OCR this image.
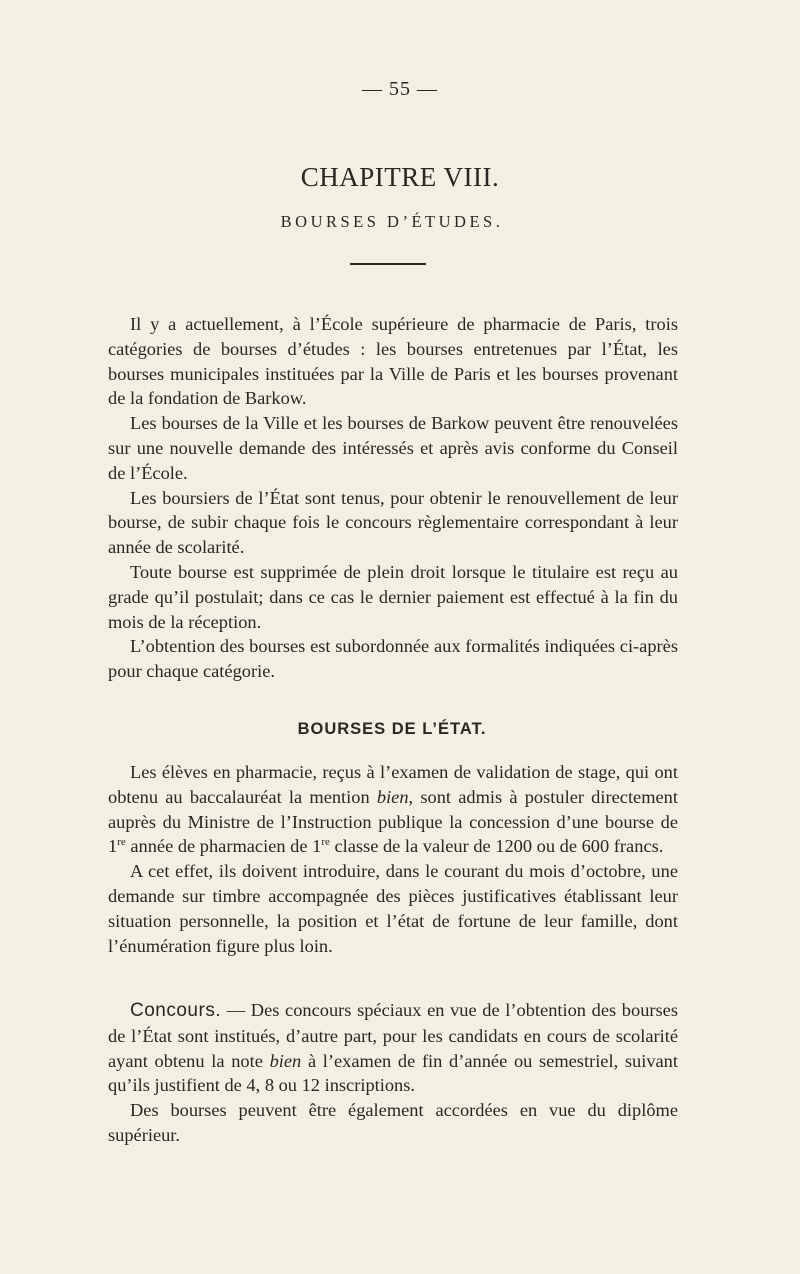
— 55 —
CHAPITRE VIII.
BOURSES D’ÉTUDES.

Il y a actuellement, à l’École supérieure de pharmacie de Paris, trois catégories de bourses d’études : les bourses entretenues par l’État, les bourses municipales instituées par la Ville de Paris et les bourses provenant de la fondation de Barkow.

Les bourses de la Ville et les bourses de Barkow peuvent être renouvelées sur une nouvelle demande des intéressés et après avis conforme du Conseil de l’École.

Les boursiers de l’État sont tenus, pour obtenir le renouvellement de leur bourse, de subir chaque fois le concours règlementaire correspondant à leur année de scolarité.

Toute bourse est supprimée de plein droit lorsque le titulaire est reçu au grade qu’il postulait; dans ce cas le dernier paiement est effectué à la fin du mois de la réception.

L’obtention des bourses est subordonnée aux formalités indiquées ci-après pour chaque catégorie.

BOURSES DE L’ÉTAT.

Les élèves en pharmacie, reçus à l’examen de validation de stage, qui ont obtenu au baccalauréat la mention bien, sont admis à postuler directement auprès du Ministre de l’Instruction publique la concession d’une bourse de 1re année de pharmacien de 1re classe de la valeur de 1200 ou de 600 francs.

A cet effet, ils doivent introduire, dans le courant du mois d’octobre, une demande sur timbre accompagnée des pièces justificatives établissant leur situation personnelle, la position et l’état de fortune de leur famille, dont l’énumération figure plus loin.

Concours. — Des concours spéciaux en vue de l’obtention des bourses de l’État sont institués, d’autre part, pour les candidats en cours de scolarité ayant obtenu la note bien à l’examen de fin d’année ou semestriel, suivant qu’ils justifient de 4, 8 ou 12 inscriptions.

Des bourses peuvent être également accordées en vue du diplôme supérieur.
